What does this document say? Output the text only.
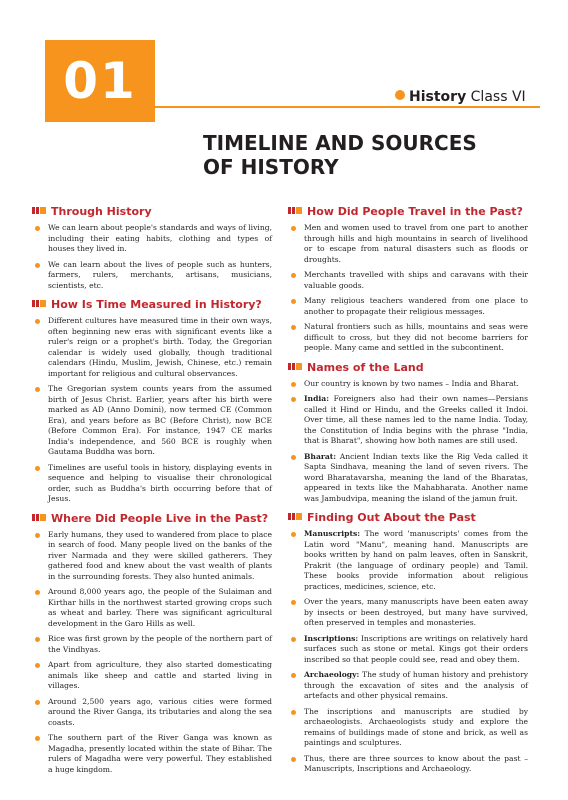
01	History Class VI
TIMELINE AND SOURCES
OF HISTORY
Through History
We can learn about people's standards and ways of living, including their eating habits, clothing and types of houses they lived in.
We can learn about the lives of people such as hunters, farmers, rulers, merchants, artisans, musicians, scientists, etc.
How Is Time Measured in History?
Different cultures have measured time in their own ways, often beginning new eras with significant events like a ruler's reign or a prophet's birth. Today, the Gregorian calendar is widely used globally, though traditional calendars (Hindu, Muslim, Jewish, Chinese, etc.) remain important for religious and cultural observances.
The Gregorian system counts years from the assumed birth of Jesus Christ. Earlier, years after his birth were marked as AD (Anno Domini), now termed CE (Common Era), and years before as BC (Before Christ), now BCE (Before Common Era). For instance, 1947 CE marks India's independence, and 560 BCE is roughly when Gautama Buddha was born.
Timelines are useful tools in history, displaying events in sequence and helping to visualise their chronological order, such as Buddha's birth occurring before that of Jesus.
Where Did People Live in the Past?
Early humans, they used to wandered from place to place in search of food. Many people lived on the banks of the river Narmada and they were skilled gatherers. They gathered food and knew about the vast wealth of plants in the surrounding forests. They also hunted animals.
Around 8,000 years ago, the people of the Sulaiman and Kirthar hills in the northwest started growing crops such as wheat and barley. There was significant agricultural development in the Garo Hills as well.
Rice was first grown by the people of the northern part of the Vindhyas.
Apart from agriculture, they also started domesticating animals like sheep and cattle and started living in villages.
Around 2,500 years ago, various cities were formed around the River Ganga, its tributaries and along the sea coasts.
The southern part of the River Ganga was known as Magadha, presently located within the state of Bihar. The rulers of Magadha were very powerful. They established a huge kingdom.
How Did People Travel in the Past?
Men and women used to travel from one part to another through hills and high mountains in search of livelihood or to escape from natural disasters such as floods or droughts.
Merchants travelled with ships and caravans with their valuable goods.
Many religious teachers wandered from one place to another to propagate their religious messages.
Natural frontiers such as hills, mountains and seas were difficult to cross, but they did not become barriers for people. Many came and settled in the subcontinent.
Names of the Land
Our country is known by two names – India and Bharat.
India: Foreigners also had their own names—Persians called it Hind or Hindu, and the Greeks called it Indoi. Over time, all these names led to the name India. Today, the Constitution of India begins with the phrase "India, that is Bharat", showing how both names are still used.
Bharat: Ancient Indian texts like the Rig Veda called it Sapta Sindhava, meaning the land of seven rivers. The word Bharatavarsha, meaning the land of the Bharatas, appeared in texts like the Mahabharata. Another name was Jambudvipa, meaning the island of the jamun fruit.
Finding Out About the Past
Manuscripts: The word 'manuscripts' comes from the Latin word "Manu", meaning hand. Manuscripts are books written by hand on palm leaves, often in Sanskrit, Prakrit (the language of ordinary people) and Tamil. These books provide information about religious practices, medicines, science, etc.
Over the years, many manuscripts have been eaten away by insects or been destroyed, but many have survived, often preserved in temples and monasteries.
Inscriptions: Inscriptions are writings on relatively hard surfaces such as stone or metal. Kings got their orders inscribed so that people could see, read and obey them.
Archaeology: The study of human history and prehistory through the excavation of sites and the analysis of artefacts and other physical remains.
The inscriptions and manuscripts are studied by archaeologists. Archaeologists study and explore the remains of buildings made of stone and brick, as well as paintings and sculptures.
Thus, there are three sources to know about the past – Manuscripts, Inscriptions and Archaeology.
